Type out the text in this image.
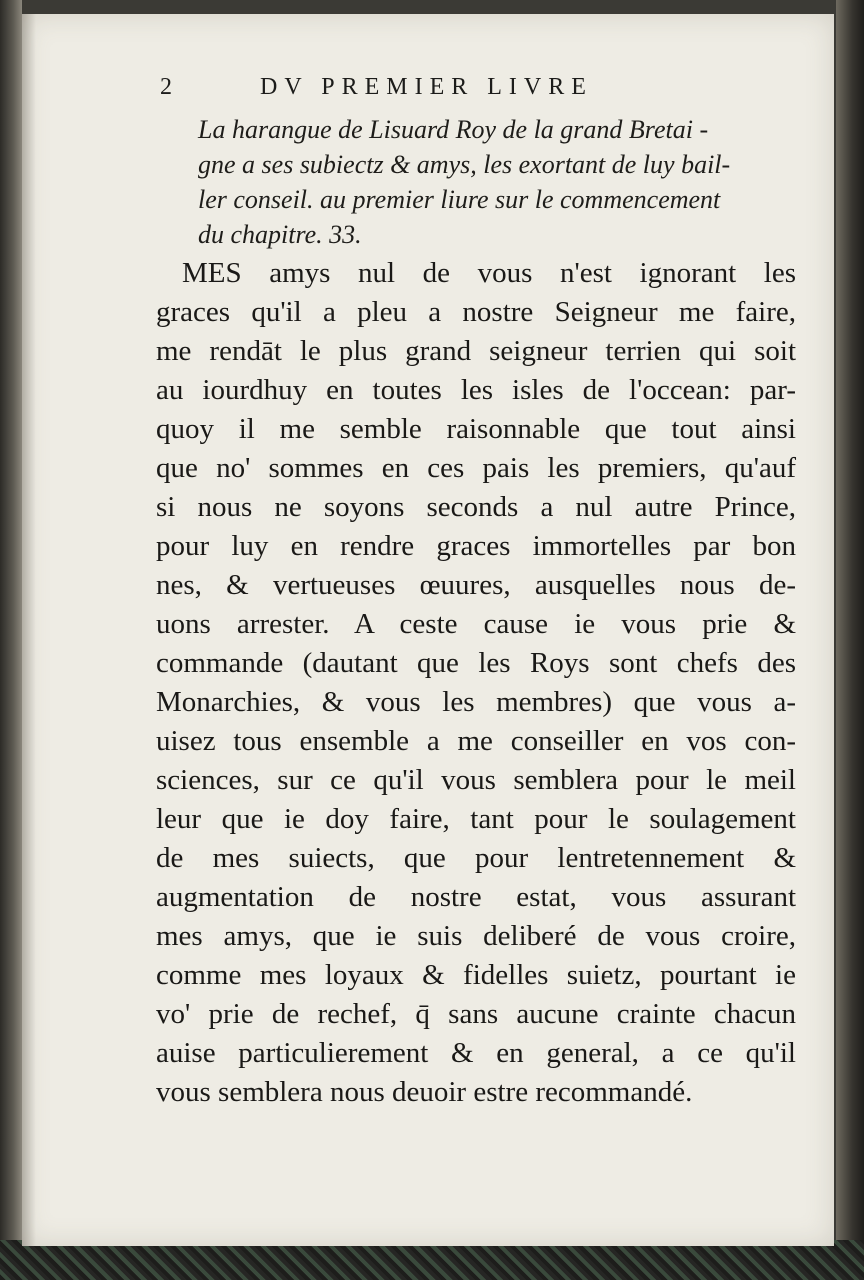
2	DV PREMIER LIVRE
La harangue de Lisuard Roy de la grand Bretai -
gne a ses subiectz & amys, les exortant de luy bail-
ler conseil. au premier liure sur le commencement
du chapitre. 33.
MES amys nul de vous n'est ignorant les
graces qu'il a pleu a nostre Seigneur me faire,
me rendāt le plus grand seigneur terrien qui soit
au iourdhuy en toutes les isles de l'occean: par-
quoy il me semble raisonnable que tout ainsi
que no' sommes en ces pais les premiers, qu'auf
si nous ne soyons seconds a nul autre Prince,
pour luy en rendre graces immortelles par bon
nes, & vertueuses œuures, ausquelles nous de-
uons arrester. A ceste cause ie vous prie &
commande (dautant que les Roys sont chefs des
Monarchies, & vous les membres) que vous a-
uisez tous ensemble a me conseiller en vos con-
sciences, sur ce qu'il vous semblera pour le meil
leur que ie doy faire, tant pour le soulagement
de mes suiects, que pour lentretennement &
augmentation de nostre estat, vous assurant
mes amys, que ie suis deliberé de vous croire,
comme mes loyaux & fidelles suietz, pourtant ie
vo' prie de rechef, q̄ sans aucune crainte chacun
auise particulierement & en general, a ce qu'il
vous semblera nous deuoir estre recommandé.
